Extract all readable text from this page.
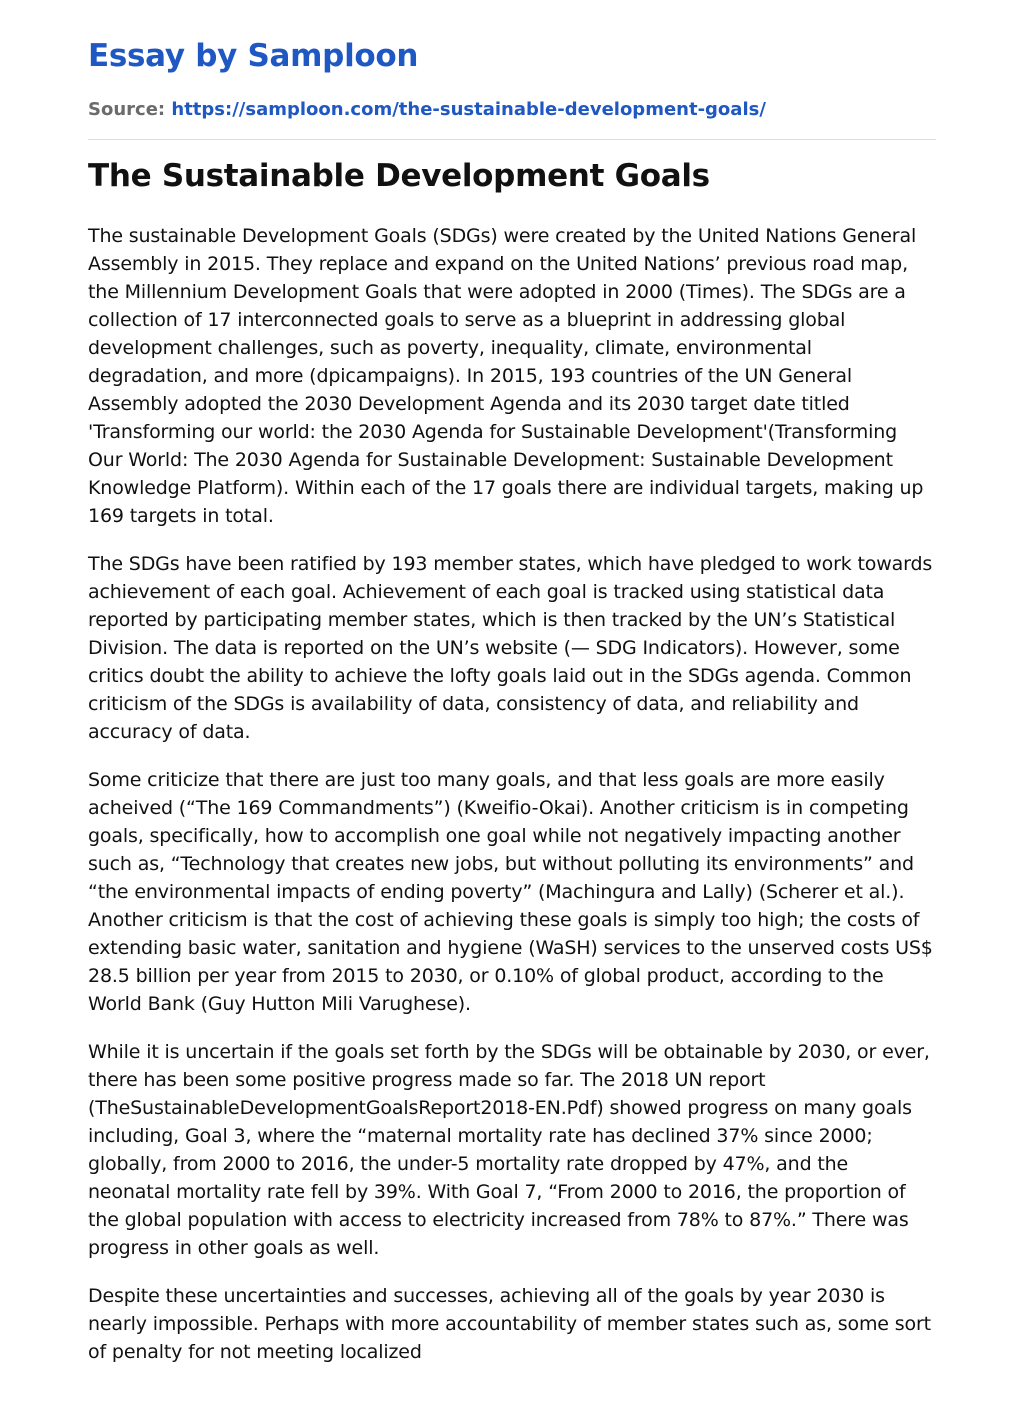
Essay by Samploon
Source: https://samploon.com/the-sustainable-development-goals/
The Sustainable Development Goals

The sustainable Development Goals (SDGs) were created by the United Nations General Assembly in 2015. They replace and expand on the United Nations’ previous road map, the Millennium Development Goals that were adopted in 2000 (Times). The SDGs are a collection of 17 interconnected goals to serve as a blueprint in addressing global development challenges, such as poverty, inequality, climate, environmental degradation, and more (dpicampaigns). In 2015, 193 countries of the UN General Assembly adopted the 2030 Development Agenda and its 2030 target date titled 'Transforming our world: the 2030 Agenda for Sustainable Development'(Transforming Our World: The 2030 Agenda for Sustainable Development: Sustainable Development Knowledge Platform). Within each of the 17 goals there are individual targets, making up 169 targets in total.

The SDGs have been ratified by 193 member states, which have pledged to work towards achievement of each goal. Achievement of each goal is tracked using statistical data reported by participating member states, which is then tracked by the UN’s Statistical Division. The data is reported on the UN’s website (— SDG Indicators). However, some critics doubt the ability to achieve the lofty goals laid out in the SDGs agenda. Common criticism of the SDGs is availability of data, consistency of data, and reliability and accuracy of data.

Some criticize that there are just too many goals, and that less goals are more easily acheived (“The 169 Commandments”) (Kweifio-Okai). Another criticism is in competing goals, specifically, how to accomplish one goal while not negatively impacting another such as, “Technology that creates new jobs, but without polluting its environments” and “the environmental impacts of ending poverty” (Machingura and Lally) (Scherer et al.). Another criticism is that the cost of achieving these goals is simply too high; the costs of extending basic water, sanitation and hygiene (WaSH) services to the unserved costs US$ 28.5 billion per year from 2015 to 2030, or 0.10% of global product, according to the World Bank (Guy Hutton Mili Varughese).

While it is uncertain if the goals set forth by the SDGs will be obtainable by 2030, or ever, there has been some positive progress made so far. The 2018 UN report (TheSustainableDevelopmentGoalsReport2018-EN.Pdf) showed progress on many goals including, Goal 3, where the “maternal mortality rate has declined 37% since 2000; globally, from 2000 to 2016, the under-5 mortality rate dropped by 47%, and the neonatal mortality rate fell by 39%. With Goal 7, “From 2000 to 2016, the proportion of the global population with access to electricity increased from 78% to 87%.” There was progress in other goals as well.

Despite these uncertainties and successes, achieving all of the goals by year 2030 is nearly impossible. Perhaps with more accountability of member states such as, some sort of penalty for not meeting localized
